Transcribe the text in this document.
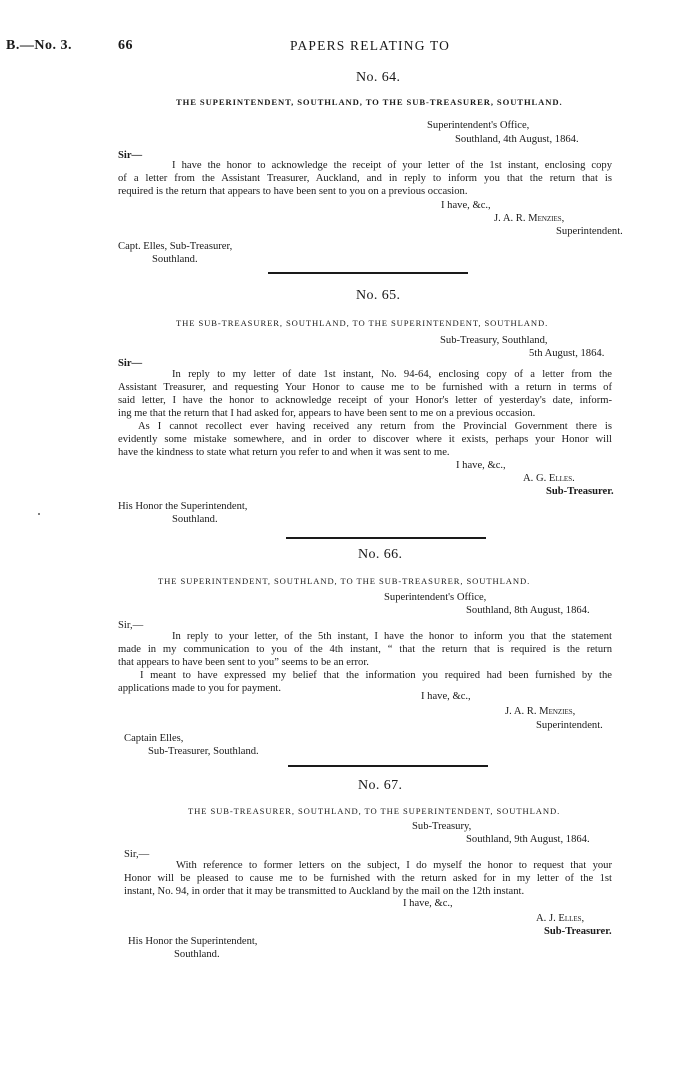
B.—No. 3.	66	PAPERS RELATING TO
No. 64.
THE SUPERINTENDENT, SOUTHLAND, TO THE SUB-TREASURER, SOUTHLAND.
Superintendent's Office,
Southland, 4th August, 1864.
Sir—
I have the honor to acknowledge the receipt of your letter of the 1st instant, enclosing copy
of a letter from the Assistant Treasurer, Auckland, and in reply to inform you that the return that is
required is the return that appears to have been sent to you on a previous occasion.
I have, &c.,
J. A. R. Menzies,
Superintendent.
Capt. Elles, Sub-Treasurer,
Southland.
No. 65.
THE SUB-TREASURER, SOUTHLAND, TO THE SUPERINTENDENT, SOUTHLAND.
Sub-Treasury, Southland,
5th August, 1864.
Sir—
In reply to my letter of date 1st instant, No. 94-64, enclosing copy of a letter from the
Assistant Treasurer, and requesting Your Honor to cause me to be furnished with a return in terms of
said letter, I have the honor to acknowledge receipt of your Honor's letter of yesterday's date, inform-
ing me that the return that I had asked for, appears to have been sent to me on a previous occasion.
As I cannot recollect ever having received any return from the Provincial Government there is
evidently some mistake somewhere, and in order to discover where it exists, perhaps your Honor will
have the kindness to state what return you refer to and when it was sent to me.
I have, &c.,
A. G. Elles.
Sub-Treasurer.
His Honor the Superintendent,
Southland.
No. 66.
THE SUPERINTENDENT, SOUTHLAND, TO THE SUB-TREASURER, SOUTHLAND.
Superintendent's Office,
Southland, 8th August, 1864.
Sir,—
In reply to your letter, of the 5th instant, I have the honor to inform you that the statement
made in my communication to you of the 4th instant, “ that the return that is required is the return
that appears to have been sent to you” seems to be an error.
I meant to have expressed my belief that the information you required had been furnished by the
applications made to you for payment.
I have, &c.,
J. A. R. Menzies,
Superintendent.
Captain Elles,
Sub-Treasurer, Southland.
No. 67.
THE SUB-TREASURER, SOUTHLAND, TO THE SUPERINTENDENT, SOUTHLAND.
Sub-Treasury,
Southland, 9th August, 1864.
Sir,—
With reference to former letters on the subject, I do myself the honor to request that your
Honor will be pleased to cause me to be furnished with the return asked for in my letter of the 1st
instant, No. 94, in order that it may be transmitted to Auckland by the mail on the 12th instant.
I have, &c.,
A. J. Elles,
Sub-Treasurer.
His Honor the Superintendent,
Southland.
